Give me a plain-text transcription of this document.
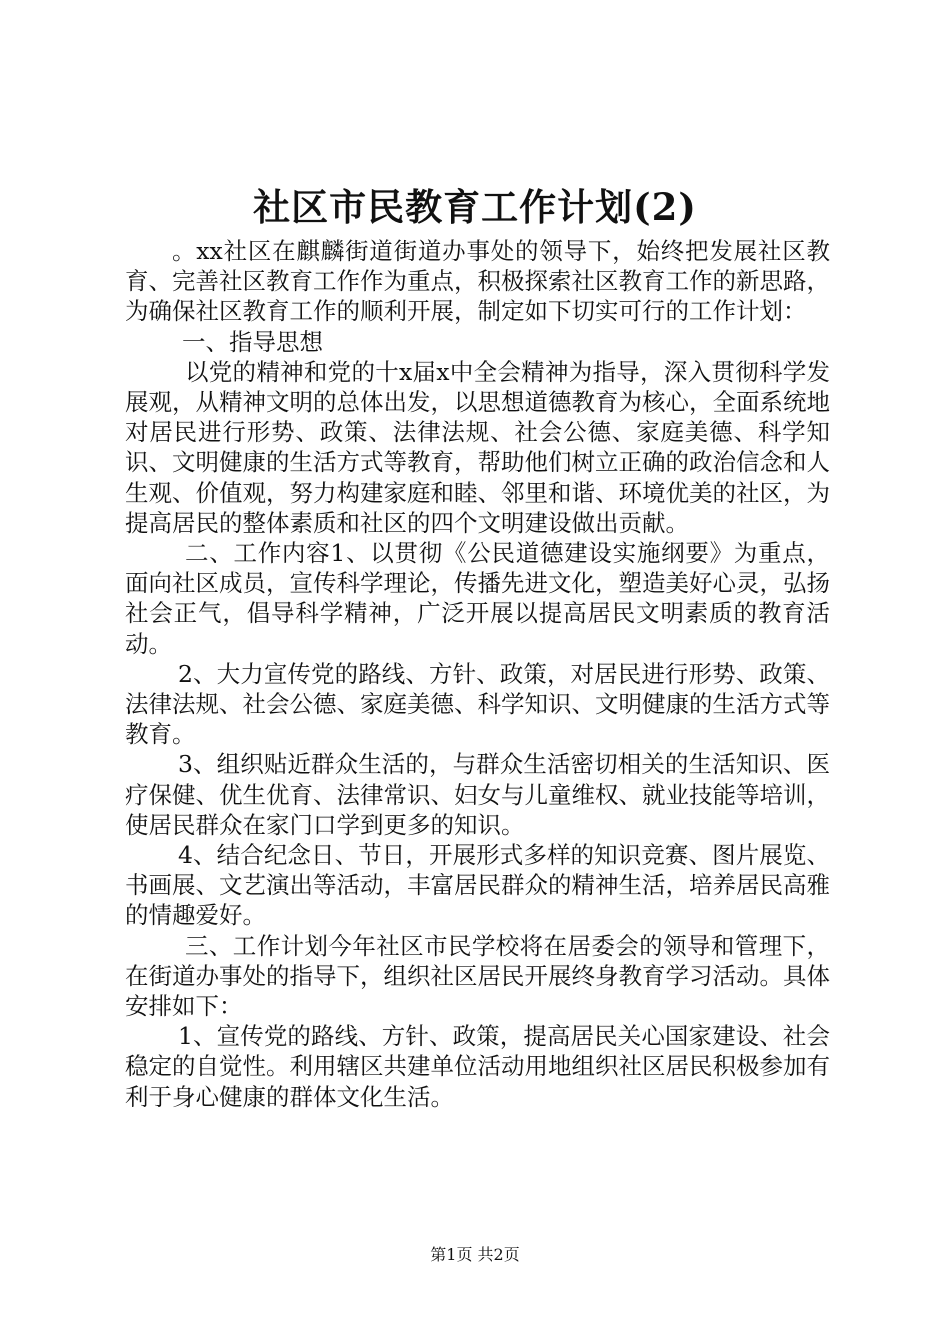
社区市民教育工作计划(2)

。xx社区在麒麟街道街道办事处的领导下，始终把发展社区教育、完善社区教育工作作为重点，积极探索社区教育工作的新思路，为确保社区教育工作的顺利开展，制定如下切实可行的工作计划：

一、指导思想

以党的精神和党的十x届x中全会精神为指导，深入贯彻科学发展观，从精神文明的总体出发，以思想道德教育为核心，全面系统地对居民进行形势、政策、法律法规、社会公德、家庭美德、科学知识、文明健康的生活方式等教育，帮助他们树立正确的政治信念和人生观、价值观，努力构建家庭和睦、邻里和谐、环境优美的社区，为提高居民的整体素质和社区的四个文明建设做出贡献。

二、工作内容1、以贯彻《公民道德建设实施纲要》为重点，面向社区成员，宣传科学理论，传播先进文化，塑造美好心灵，弘扬社会正气，倡导科学精神，广泛开展以提高居民文明素质的教育活动。

2、大力宣传党的路线、方针、政策，对居民进行形势、政策、法律法规、社会公德、家庭美德、科学知识、文明健康的生活方式等教育。

3、组织贴近群众生活的，与群众生活密切相关的生活知识、医疗保健、优生优育、法律常识、妇女与儿童维权、就业技能等培训，使居民群众在家门口学到更多的知识。

4、结合纪念日、节日，开展形式多样的知识竞赛、图片展览、书画展、文艺演出等活动，丰富居民群众的精神生活，培养居民高雅的情趣爱好。

三、工作计划今年社区市民学校将在居委会的领导和管理下，在街道办事处的指导下，组织社区居民开展终身教育学习活动。具体安排如下：

1、宣传党的路线、方针、政策，提高居民关心国家建设、社会稳定的自觉性。利用辖区共建单位活动用地组织社区居民积极参加有利于身心健康的群体文化生活。

第1页 共2页
